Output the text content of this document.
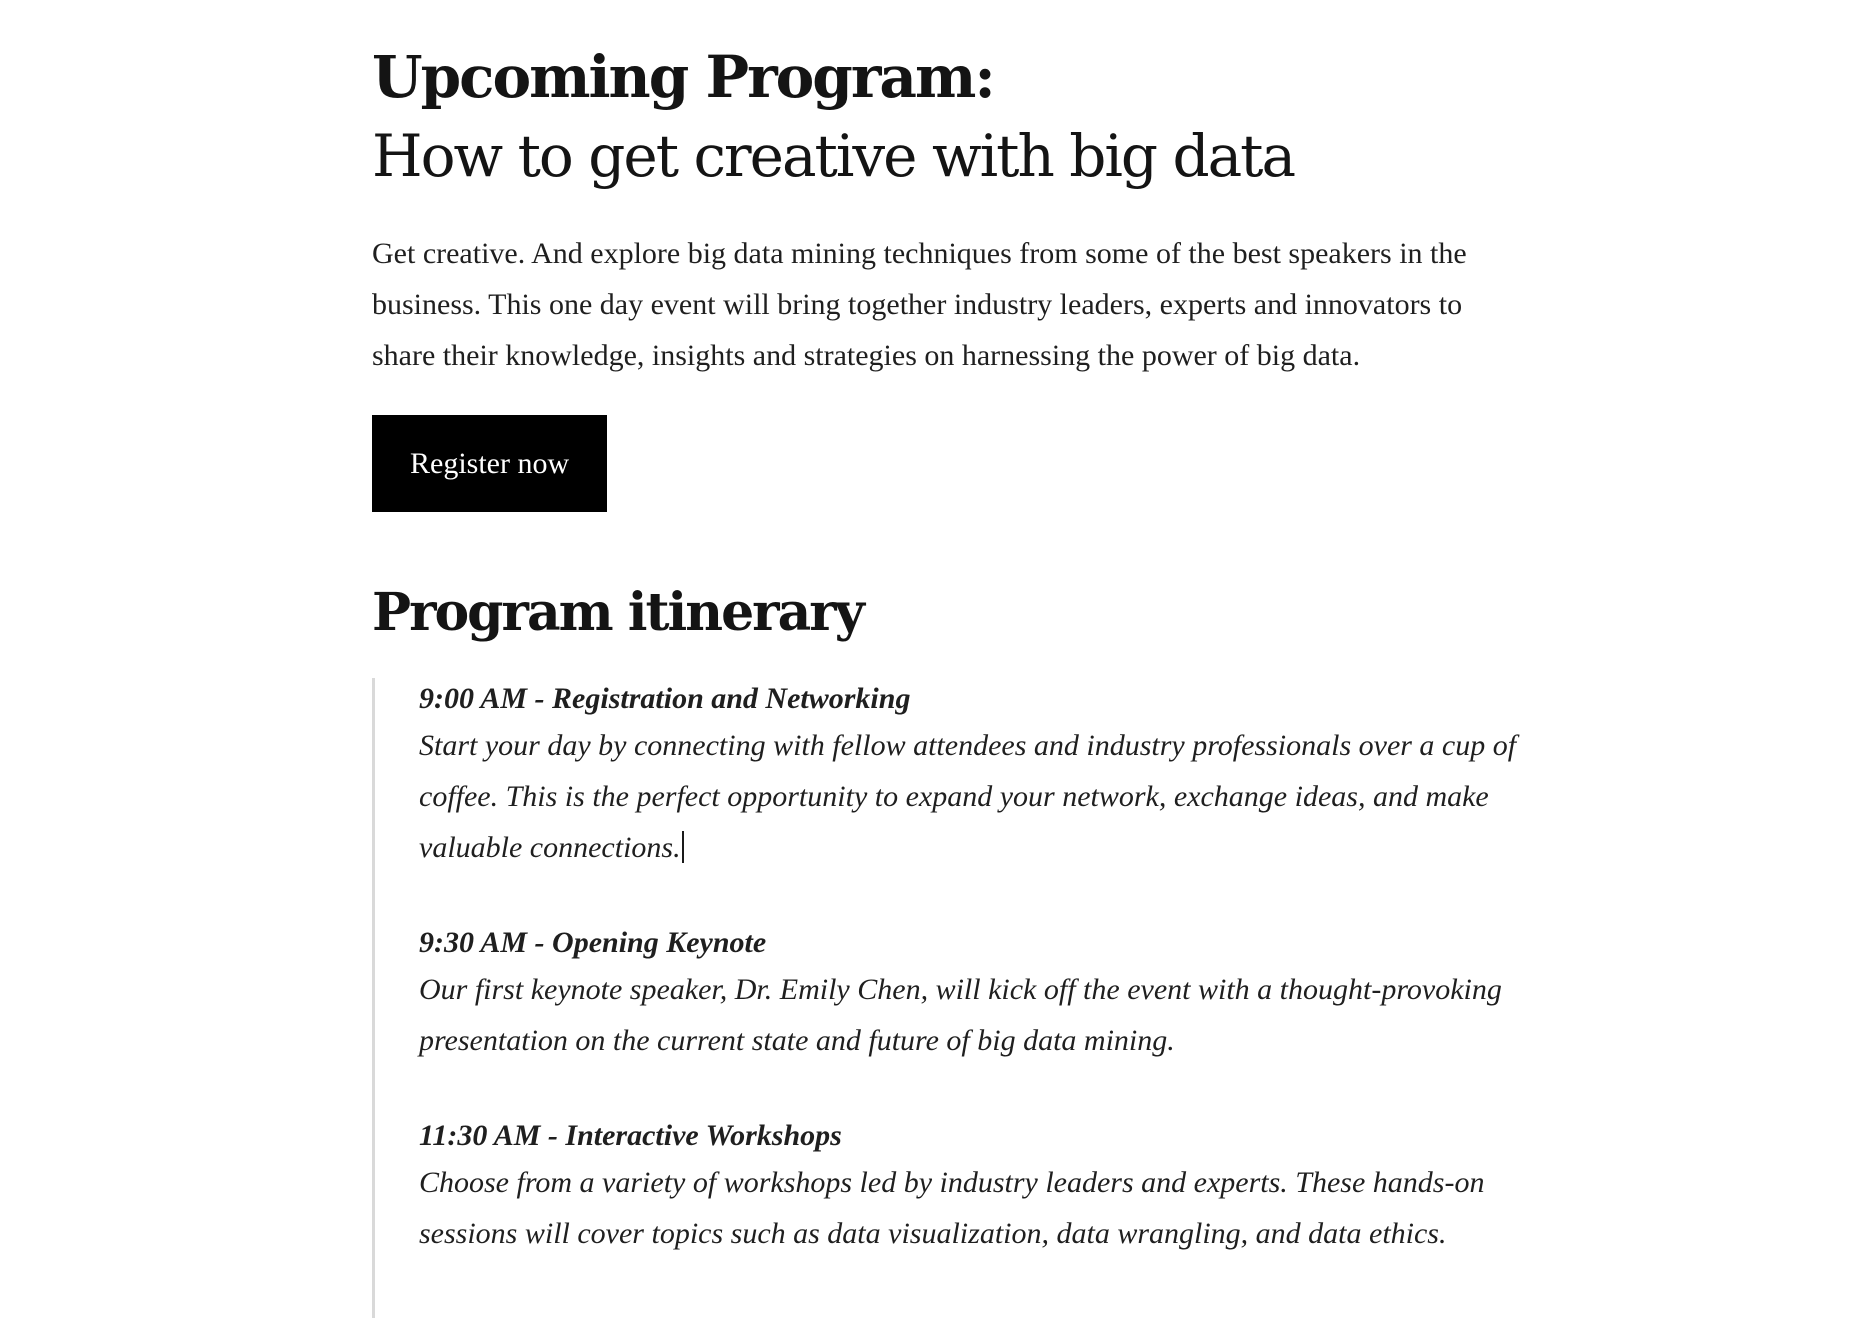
Upcoming Program:
How to get creative with big data

Get creative. And explore big data mining techniques from some of the best speakers in the business. This one day event will bring together industry leaders, experts and innovators to share their knowledge, insights and strategies on harnessing the power of big data.

Register now
Program itinerary
9:00 AM - Registration and Networking
Start your day by connecting with fellow attendees and industry professionals over a cup of coffee. This is the perfect opportunity to expand your network, exchange ideas, and make valuable connections.
9:30 AM - Opening Keynote
Our first keynote speaker, Dr. Emily Chen, will kick off the event with a thought-provoking presentation on the current state and future of big data mining.
11:30 AM - Interactive Workshops
Choose from a variety of workshops led by industry leaders and experts. These hands-on sessions will cover topics such as data visualization, data wrangling, and data ethics.
